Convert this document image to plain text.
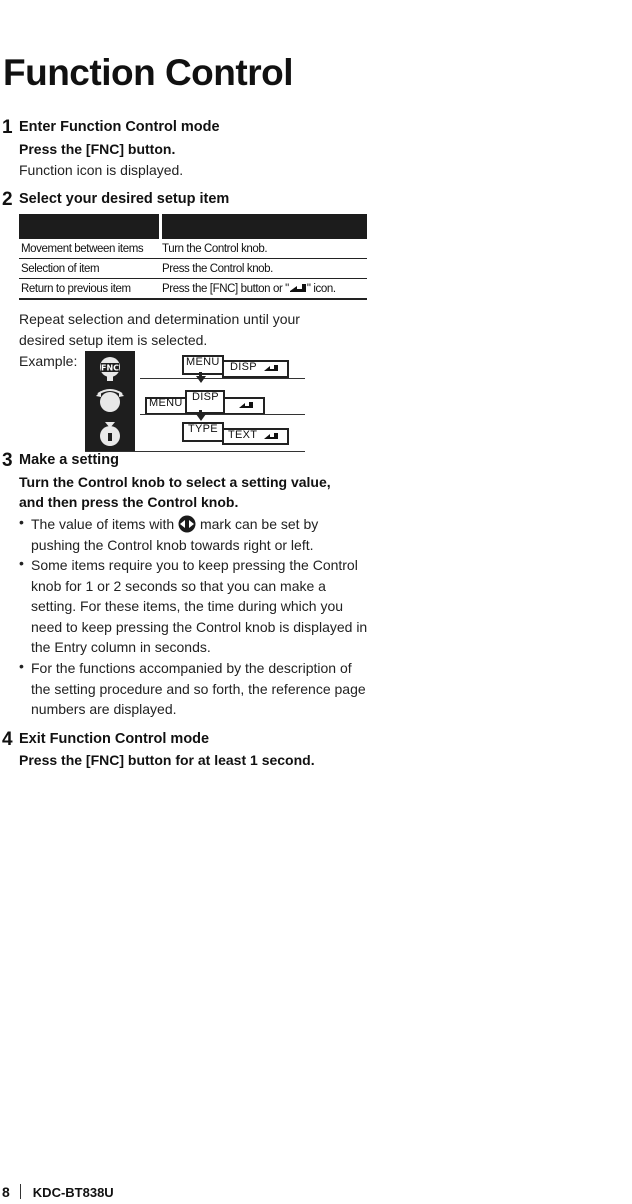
Function Control
1 Enter Function Control mode
Press the [FNC] button.
Function icon is displayed.
2 Select your desired setup item

Movement between items	Turn the Control knob.
Selection of item	Press the Control knob.
Return to previous item	Press the [FNC] button or " " icon.
Repeat selection and determination until your desired setup item is selected.
Example:	FNC	MENU DISP
MENU DISP
TYPE TEXT
3 Make a setting
Turn the Control knob to select a setting value,
and then press the Control knob.
• The value of items with  mark can be set by pushing the Control knob towards right or left.
• Some items require you to keep pressing the Control knob for 1 or 2 seconds so that you can make a setting. For these items, the time during which you need to keep pressing the Control knob is displayed in the Entry column in seconds.
• For the functions accompanied by the description of the setting procedure and so forth, the reference page numbers are displayed.
4 Exit Function Control mode
Press the [FNC] button for at least 1 second.
8 KDC-BT838U
